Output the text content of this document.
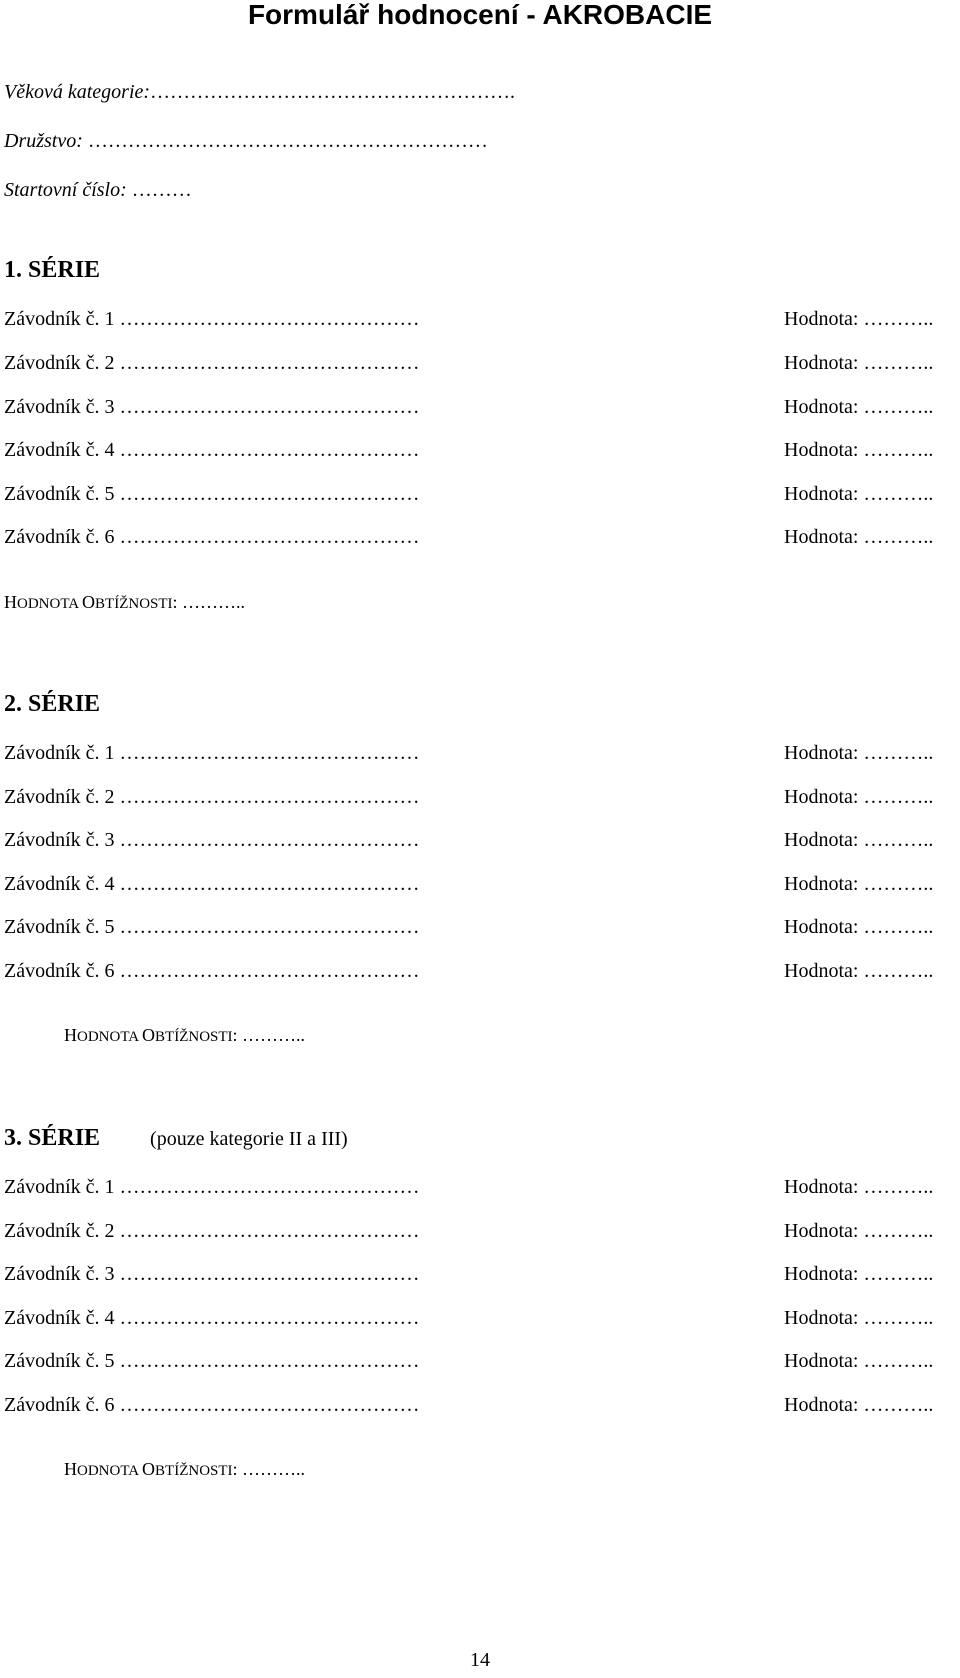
Formulář hodnocení - AKROBACIE
Věková kategorie:……………………………………………….
Družstvo: ……………………………………………………
Startovní číslo: ………
1. SÉRIE
Závodník č. 1 ………………………………………	Hodnota: ………..
Závodník č. 2 ………………………………………	Hodnota: ………..
Závodník č. 3 ………………………………………	Hodnota: ………..
Závodník č. 4 ………………………………………	Hodnota: ………..
Závodník č. 5 ………………………………………	Hodnota: ………..
Závodník č. 6 ………………………………………	Hodnota: ………..
HODNOTA OBTÍŽNOSTI: ………..
2. SÉRIE
Závodník č. 1 ………………………………………	Hodnota: ………..
Závodník č. 2 ………………………………………	Hodnota: ………..
Závodník č. 3 ………………………………………	Hodnota: ………..
Závodník č. 4 ………………………………………	Hodnota: ………..
Závodník č. 5 ………………………………………	Hodnota: ………..
Závodník č. 6 ………………………………………	Hodnota: ………..
HODNOTA OBTÍŽNOSTI: ………..
3. SÉRIE	(pouze kategorie II a III)
Závodník č. 1 ………………………………………	Hodnota: ………..
Závodník č. 2 ………………………………………	Hodnota: ………..
Závodník č. 3 ………………………………………	Hodnota: ………..
Závodník č. 4 ………………………………………	Hodnota: ………..
Závodník č. 5 ………………………………………	Hodnota: ………..
Závodník č. 6 ………………………………………	Hodnota: ………..
HODNOTA OBTÍŽNOSTI: ………..
14
